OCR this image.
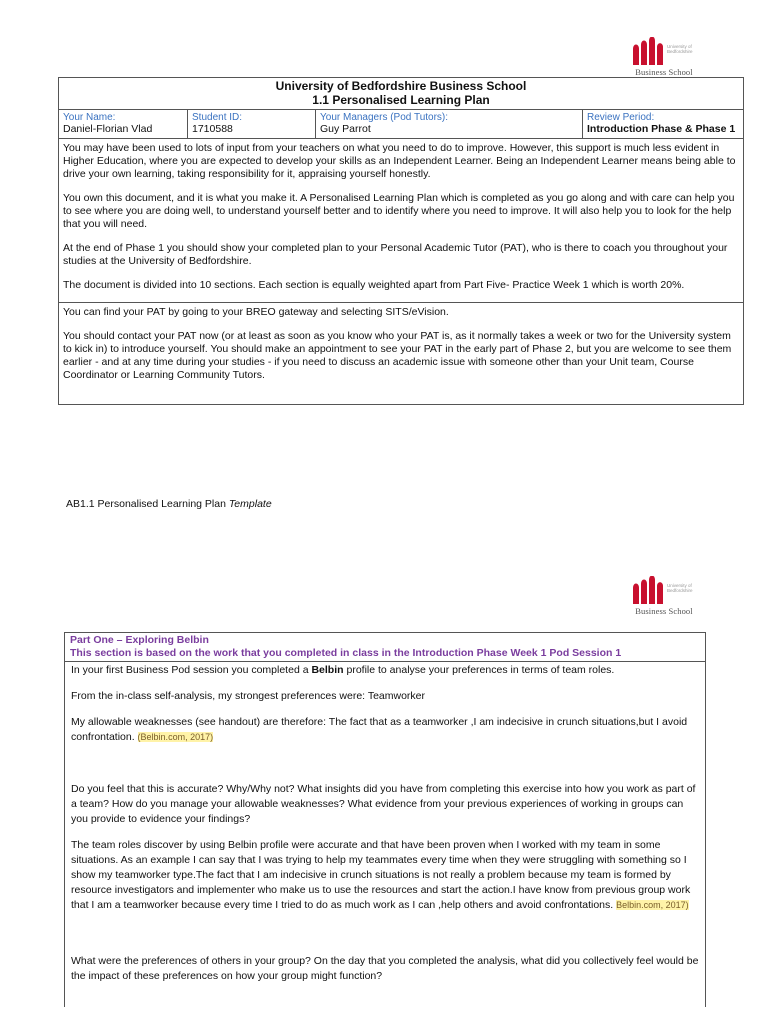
University of
Bedfordshire
Business School
University of Bedfordshire Business School
1.1 Personalised Learning Plan

Your Name:
Daniel-Florian Vlad

Student ID:
1710588

Your Managers (Pod Tutors):
Guy Parrot

Review Period:
Introduction Phase & Phase 1

You may have been used to lots of input from your teachers on what you need to do to improve. However, this support is much less evident in Higher Education, where you are expected to develop your skills as an Independent Learner. Being an Independent Learner means being able to drive your own learning, taking responsibility for it, appraising yourself honestly.

You own this document, and it is what you make it. A Personalised Learning Plan which is completed as you go along and with care can help you to see where you are doing well, to understand yourself better and to identify where you need to improve. It will also help you to look for the help that you will need.

At the end of Phase 1 you should show your completed plan to your Personal Academic Tutor (PAT), who is there to coach you throughout your studies at the University of Bedfordshire.

The document is divided into 10 sections. Each section is equally weighted apart from Part Five- Practice Week 1 which is worth 20%.

You can find your PAT by going to your BREO gateway and selecting SITS/eVision.

You should contact your PAT now (or at least as soon as you know who your PAT is, as it normally takes a week or two for the University system to kick in) to introduce yourself. You should make an appointment to see your PAT in the early part of Phase 2, but you are welcome to see them earlier - and at any time during your studies - if you need to discuss an academic issue with someone other than your Unit team, Course Coordinator or Learning Community Tutors.

AB1.1 Personalised Learning Plan Template
University of
Bedfordshire
Business School
Part One – Exploring Belbin
This section is based on the work that you completed in class in the Introduction Phase Week 1 Pod Session 1

In your first Business Pod session you completed a Belbin profile to analyse your preferences in terms of team roles.

From the in-class self-analysis, my strongest preferences were: Teamworker

My allowable weaknesses (see handout) are therefore: The fact that as a teamworker ,I am indecisive in crunch situations,but I avoid confrontation. (Belbin.com, 2017)

Do you feel that this is accurate? Why/Why not? What insights did you have from completing this exercise into how you work as part of a team? How do you manage your allowable weaknesses? What evidence from your previous experiences of working in groups can you provide to evidence your findings?

The team roles discover by using Belbin profile were accurate and that have been proven when I worked with my team in some situations. As an example I can say that I was trying to help my teammates every time when they were struggling with something so I show my teamworker type.The fact that I am indecisive in crunch situations is not really a problem because my team is formed by resource investigators and implementer who make us to use the resources and start the action.I have know from previous group work that I am a teamworker because every time I tried to do as much work as I can ,help others and avoid confrontations. Belbin.com, 2017)

What were the preferences of others in your group? On the day that you completed the analysis, what did you collectively feel would be the impact of these preferences on how your group might function?
